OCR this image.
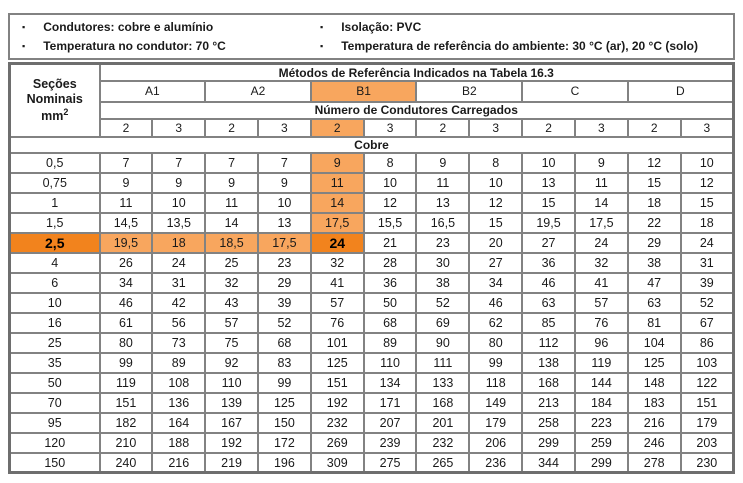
▪ Condutores: cobre e alumínio	▪ Isolação: PVC
▪ Temperatura no condutor: 70 °C	▪ Temperatura de referência do ambiente: 30 °C (ar), 20 °C (solo)
Seções
Nominais
$mm^2$	Métodos de Referência Indicados na Tabela 16.3											
	A1		A2		B1		B2		C		D	
	Número de Condutores Carregados											
	2	3	2	3	2	3	2	3	2	3	2	3
Cobre												
0,5	7	7	7	7	9	8	9	8	10	9	12	10
0,75	9	9	9	9	11	10	11	10	13	11	15	12
1	11	10	11	10	14	12	13	12	15	14	18	15
1,5	14,5	13,5	14	13	17,5	15,5	16,5	15	19,5	17,5	22	18
2,5	19,5	18	18,5	17,5	24	21	23	20	27	24	29	24
4	26	24	25	23	32	28	30	27	36	32	38	31
6	34	31	32	29	41	36	38	34	46	41	47	39
10	46	42	43	39	57	50	52	46	63	57	63	52
16	61	56	57	52	76	68	69	62	85	76	81	67
25	80	73	75	68	101	89	90	80	112	96	104	86
35	99	89	92	83	125	110	111	99	138	119	125	103
50	119	108	110	99	151	134	133	118	168	144	148	122
70	151	136	139	125	192	171	168	149	213	184	183	151
95	182	164	167	150	232	207	201	179	258	223	216	179
120	210	188	192	172	269	239	232	206	299	259	246	203
150	240	216	219	196	309	275	265	236	344	299	278	230
